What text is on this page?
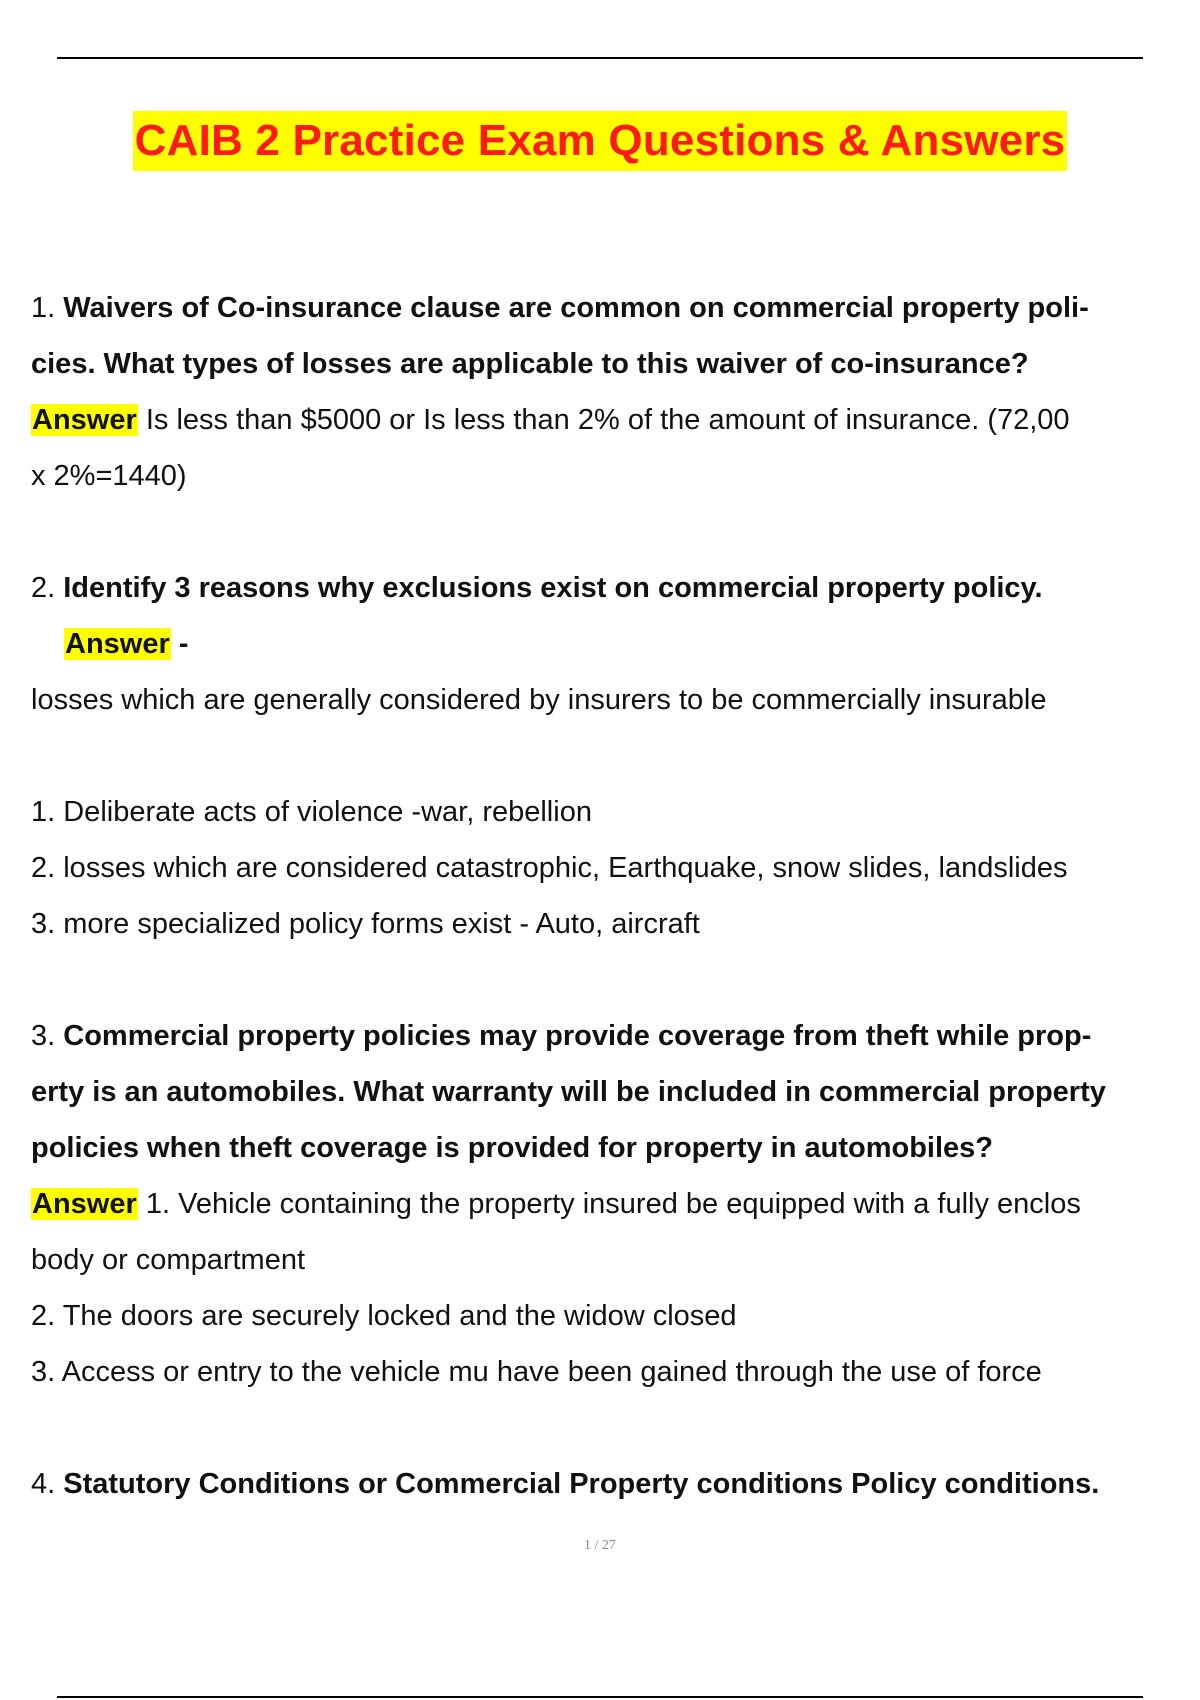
CAIB 2 Practice Exam Questions & Answers
1. Waivers of Co-insurance clause are common on commercial property poli-
cies. What types of losses are applicable to this waiver of co-insurance?
Answer Is less than $5000 or Is less than 2% of the amount of insurance. (72,00
x 2%=1440)
2. Identify 3 reasons why exclusions exist on commercial property policy.
Answer -
losses which are generally considered by insurers to be commercially insurable
1. Deliberate acts of violence -war, rebellion
2. losses which are considered catastrophic, Earthquake, snow slides, landslides
3. more specialized policy forms exist - Auto, aircraft
3. Commercial property policies may provide coverage from theft while prop-
erty is an automobiles. What warranty will be included in commercial property
policies when theft coverage is provided for property in automobiles?
Answer 1. Vehicle containing the property insured be equipped with a fully enclos
body or compartment
2. The doors are securely locked and the widow closed
3. Access or entry to the vehicle mu have been gained through the use of force
4. Statutory Conditions or Commercial Property conditions Policy conditions.
1 / 27
